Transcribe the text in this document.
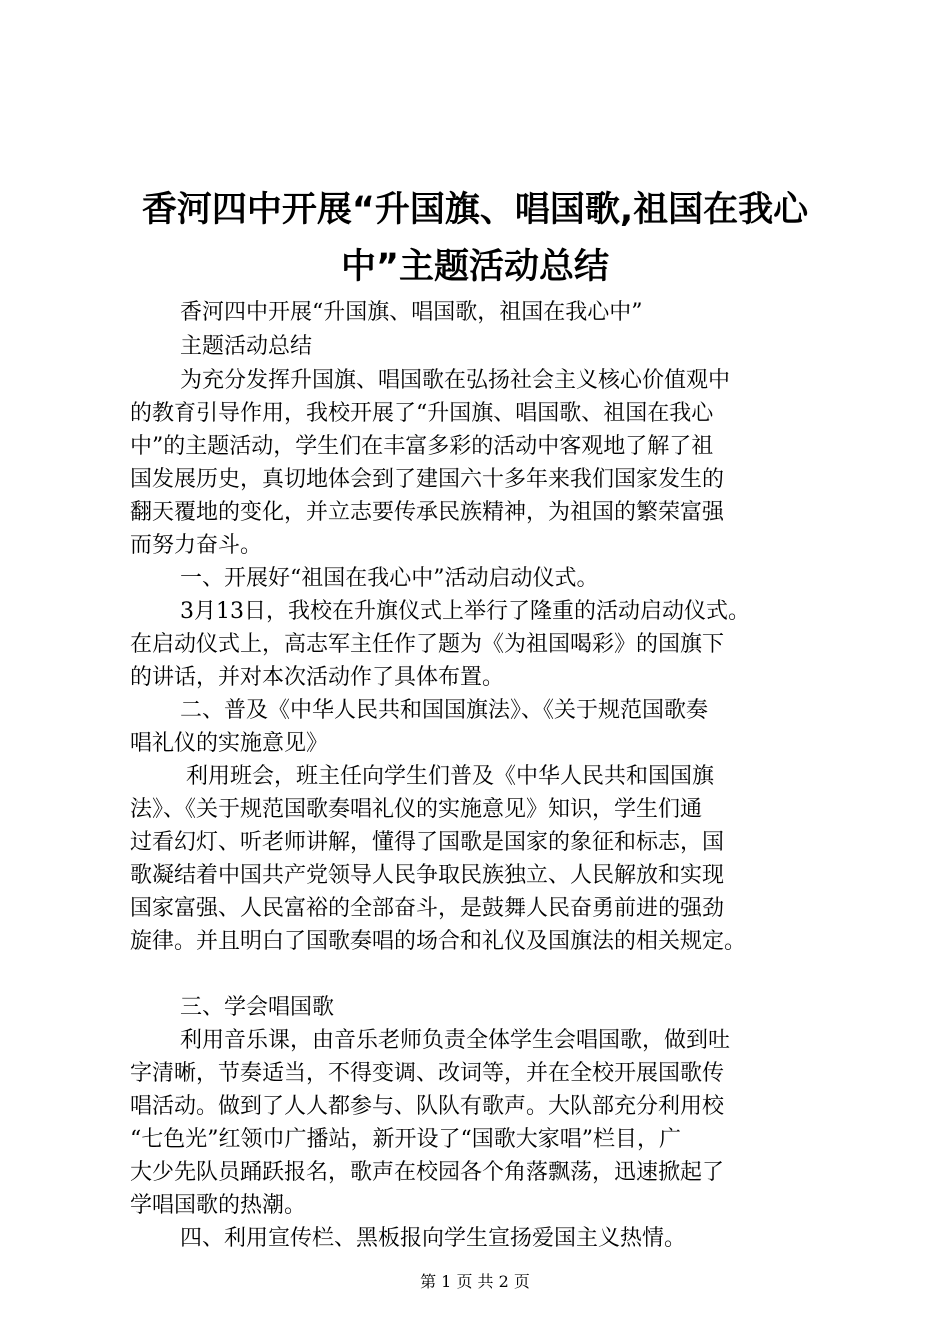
香河四中开展“升国旗、唱国歌,祖国在我心
中”主题活动总结
香河四中开展“升国旗、唱国歌，祖国在我心中”
主题活动总结
为充分发挥升国旗、唱国歌在弘扬社会主义核心价值观中
的教育引导作用，我校开展了“升国旗、唱国歌、祖国在我心
中”的主题活动，学生们在丰富多彩的活动中客观地了解了祖
国发展历史，真切地体会到了建国六十多年来我们国家发生的
翻天覆地的变化，并立志要传承民族精神，为祖国的繁荣富强
而努力奋斗。
一、开展好“祖国在我心中”活动启动仪式。
3月13日，我校在升旗仪式上举行了隆重的活动启动仪式。
在启动仪式上，高志军主任作了题为《为祖国喝彩》的国旗下
的讲话，并对本次活动作了具体布置。
二、普及《中华人民共和国国旗法》、《关于规范国歌奏
唱礼仪的实施意见》
利用班会，班主任向学生们普及《中华人民共和国国旗
法》、《关于规范国歌奏唱礼仪的实施意见》知识，学生们通
过看幻灯、听老师讲解，懂得了国歌是国家的象征和标志，国
歌凝结着中国共产党领导人民争取民族独立、人民解放和实现
国家富强、人民富裕的全部奋斗，是鼓舞人民奋勇前进的强劲
旋律。并且明白了国歌奏唱的场合和礼仪及国旗法的相关规定。
三、学会唱国歌
利用音乐课，由音乐老师负责全体学生会唱国歌，做到吐
字清晰，节奏适当，不得变调、改词等，并在全校开展国歌传
唱活动。做到了人人都参与、队队有歌声。大队部充分利用校
“七色光”红领巾广播站，新开设了“国歌大家唱”栏目，广
大少先队员踊跃报名，歌声在校园各个角落飘荡，迅速掀起了
学唱国歌的热潮。
四、利用宣传栏、黑板报向学生宣扬爱国主义热情。
第 1 页 共 2 页
